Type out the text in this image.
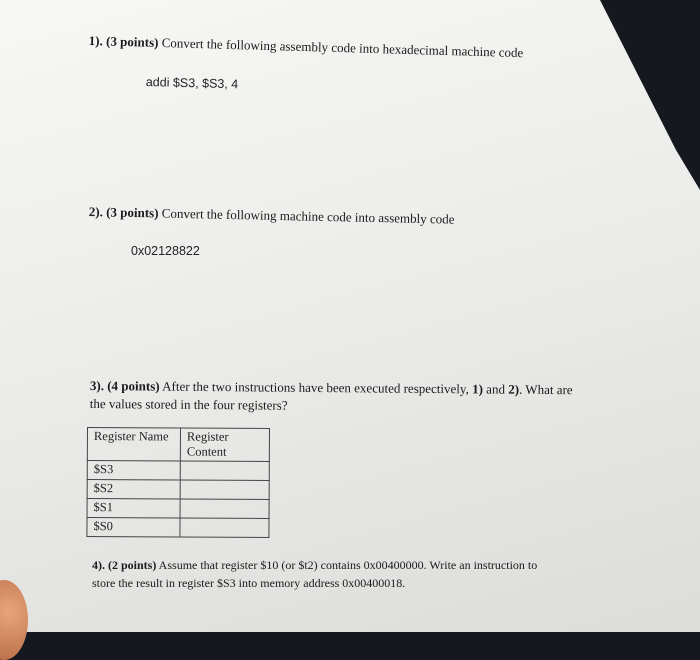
1). (3 points) Convert the following assembly code into hexadecimal machine code
addi $S3, $S3, 4
2). (3 points) Convert the following machine code into assembly code
0x02128822
3). (4 points) After the two instructions have been executed respectively, 1) and 2). What are
the values stored in the four registers?
Register Name	Register Content
$S3	
$S2	
$S1	
$S0	
4). (2 points) Assume that register $10 (or $t2) contains 0x00400000. Write an instruction to
store the result in register $S3 into memory address 0x00400018.
